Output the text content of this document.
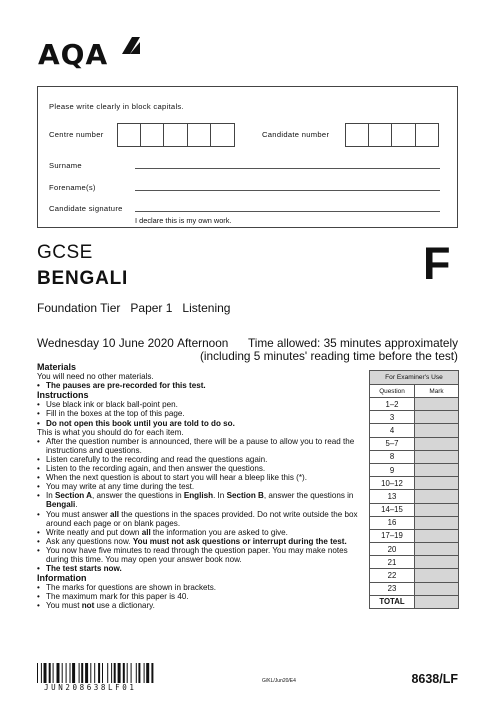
AQA
Please write clearly in block capitals.
Centre number	Candidate number
Surname
Forename(s)
Candidate signature
I declare this is my own work.
GCSE
BENGALI	F
Foundation Tier Paper 1 Listening
Wednesday 10 June 2020 Afternoon Time allowed: 35 minutes approximately
(including 5 minutes' reading time before the test)
Materials
You will need no other materials.
• The pauses are pre-recorded for this test.
Instructions
• Use black ink or black ball-point pen.
• Fill in the boxes at the top of this page.
• Do not open this book until you are told to do so.
This is what you should do for each item.
• After the question number is announced, there will be a pause to allow you to read the instructions and questions.
• Listen carefully to the recording and read the questions again.
• Listen to the recording again, and then answer the questions.
• When the next question is about to start you will hear a bleep like this (*).
• You may write at any time during the test.
• In Section A, answer the questions in English. In Section B, answer the questions in Bengali.
• You must answer all the questions in the spaces provided. Do not write outside the box around each page or on blank pages.
• Write neatly and put down all the information you are asked to give.
• Ask any questions now. You must not ask questions or interrupt during the test.
• You now have five minutes to read through the question paper. You may make notes during this time. You may open your answer book now.
• The test starts now.
Information
• The marks for questions are shown in brackets.
• The maximum mark for this paper is 40.
• You must not use a dictionary.
For Examiner's Use	
Question	Mark
1–2	
3	
4	
5–7	
8	
9	
10–12	
13	
14–15	
16	
17–19	
20	
21	
22	
23	
TOTAL	
JUN208638LF01
G/KL/Jun20/E4	8638/LF
